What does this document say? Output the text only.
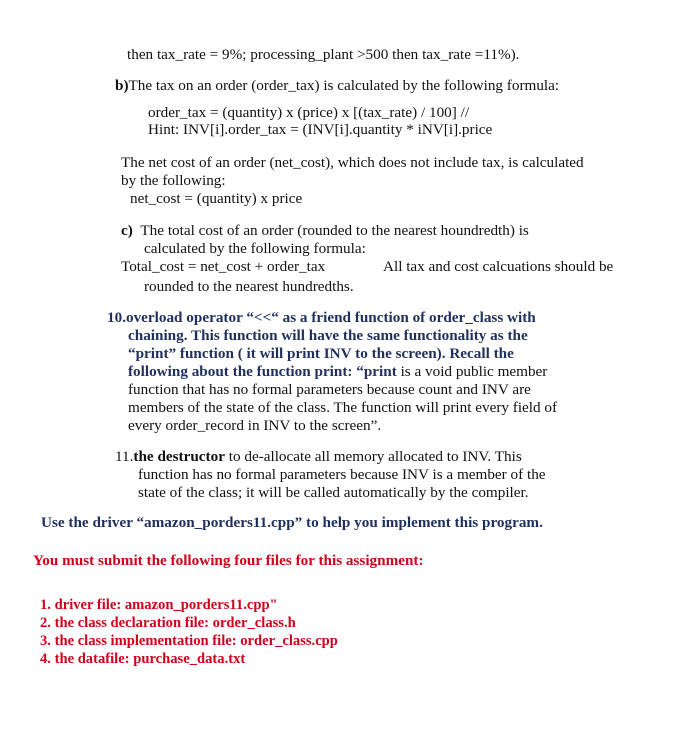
then tax_rate = 9%; processing_plant >500 then tax_rate =11%).
b)The tax on an order (order_tax) is calculated by the following formula:
order_tax = (quantity) x (price) x [(tax_rate) / 100] //
Hint: INV[i].order_tax = (INV[i].quantity * iNV[i].price
The net cost of an order (net_cost), which does not include tax, is calculated
by the following:
net_cost = (quantity) x price
c) The total cost of an order (rounded to the nearest houndredth) is
calculated by the following formula:
Total_cost = net_cost + order_tax	All tax and cost calcuations should be
rounded to the nearest hundredths.
10.overload operator “<<“ as a friend function of order_class with
chaining. This function will have the same functionality as the
“print” function ( it will print INV to the screen). Recall the
following about the function print: “print is a void public member
function that has no formal parameters because count and INV are
members of the state of the class. The function will print every field of
every order_record in INV to the screen”.
11.the destructor to de-allocate all memory allocated to INV. This
function has no formal parameters because INV is a member of the
state of the class; it will be called automatically by the compiler.
Use the driver “amazon_porders11.cpp” to help you implement this program.
You must submit the following four files for this assignment:
1. driver file: amazon_porders11.cpp"
2. the class declaration file: order_class.h
3. the class implementation file: order_class.cpp
4. the datafile: purchase_data.txt
